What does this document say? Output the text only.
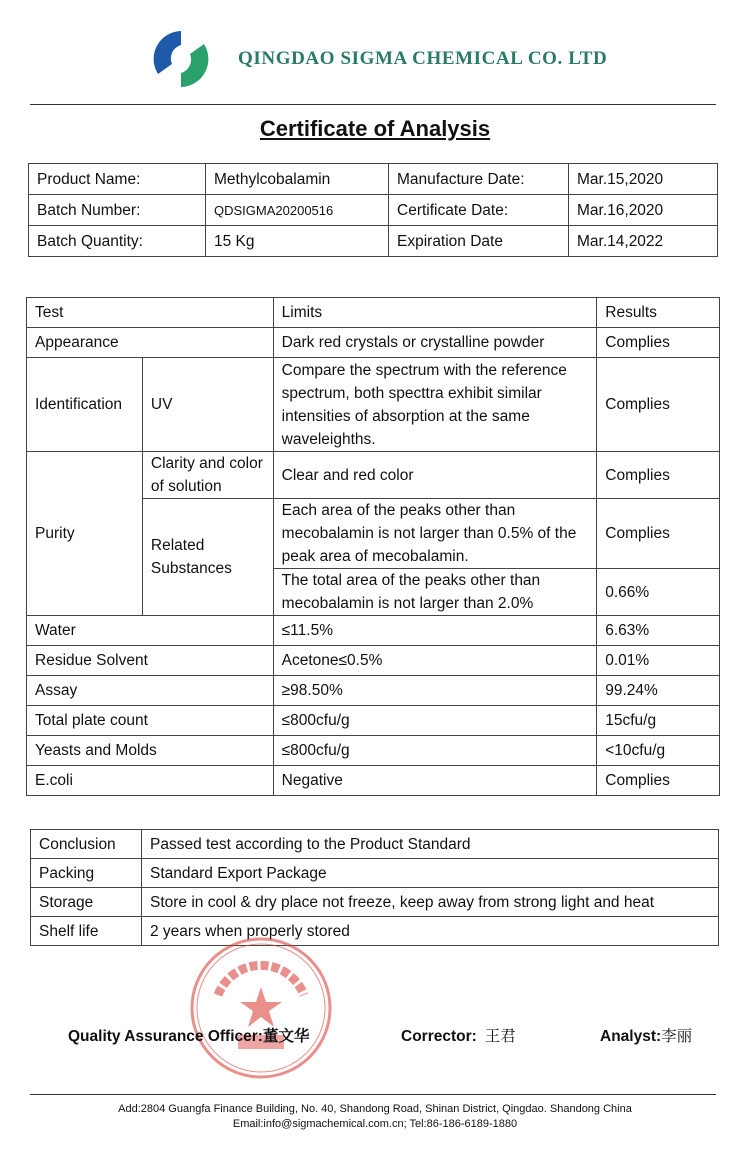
QINGDAO SIGMA CHEMICAL CO. LTD
Certificate of Analysis
Product Name:	Methylcobalamin	Manufacture Date:	Mar.15,2020
Batch Number:	QDSIGMA20200516	Certificate Date:	Mar.16,2020
Batch Quantity:	15 Kg	Expiration Date	Mar.14,2022
Test		Limits	Results
Appearance		Dark red crystals or crystalline powder	Complies
Identification	UV	Compare the spectrum with the reference spectrum, both specttra exhibit similar intensities of absorption at the same waveleighths.	Complies
Purity	Clarity and color of solution	Clear and red color	Complies
	Related Substances	Each area of the peaks other than mecobalamin is not larger than 0.5% of the peak area of mecobalamin.	Complies
		The total area of the peaks other than mecobalamin is not larger than 2.0%	0.66%
Water		≤11.5%	6.63%
Residue Solvent		Acetone≤0.5%	0.01%
Assay		≥98.50%	99.24%
Total plate count		≤800cfu/g	15cfu/g
Yeasts and Molds		≤800cfu/g	<10cfu/g
E.coli		Negative	Complies
Conclusion	Passed test according to the Product Standard
Packing	Standard Export Package
Storage	Store in cool & dry place not freeze, keep away from strong light and heat
Shelf life	2 years when properly stored
Quality Assurance Officer:董文华	Corrector: 王君	Analyst:李丽
Add:2804 Guangfa Finance Building, No. 40, Shandong Road, Shinan District, Qingdao. Shandong China
Email:info@sigmachemical.com.cn; Tel:86-186-6189-1880
